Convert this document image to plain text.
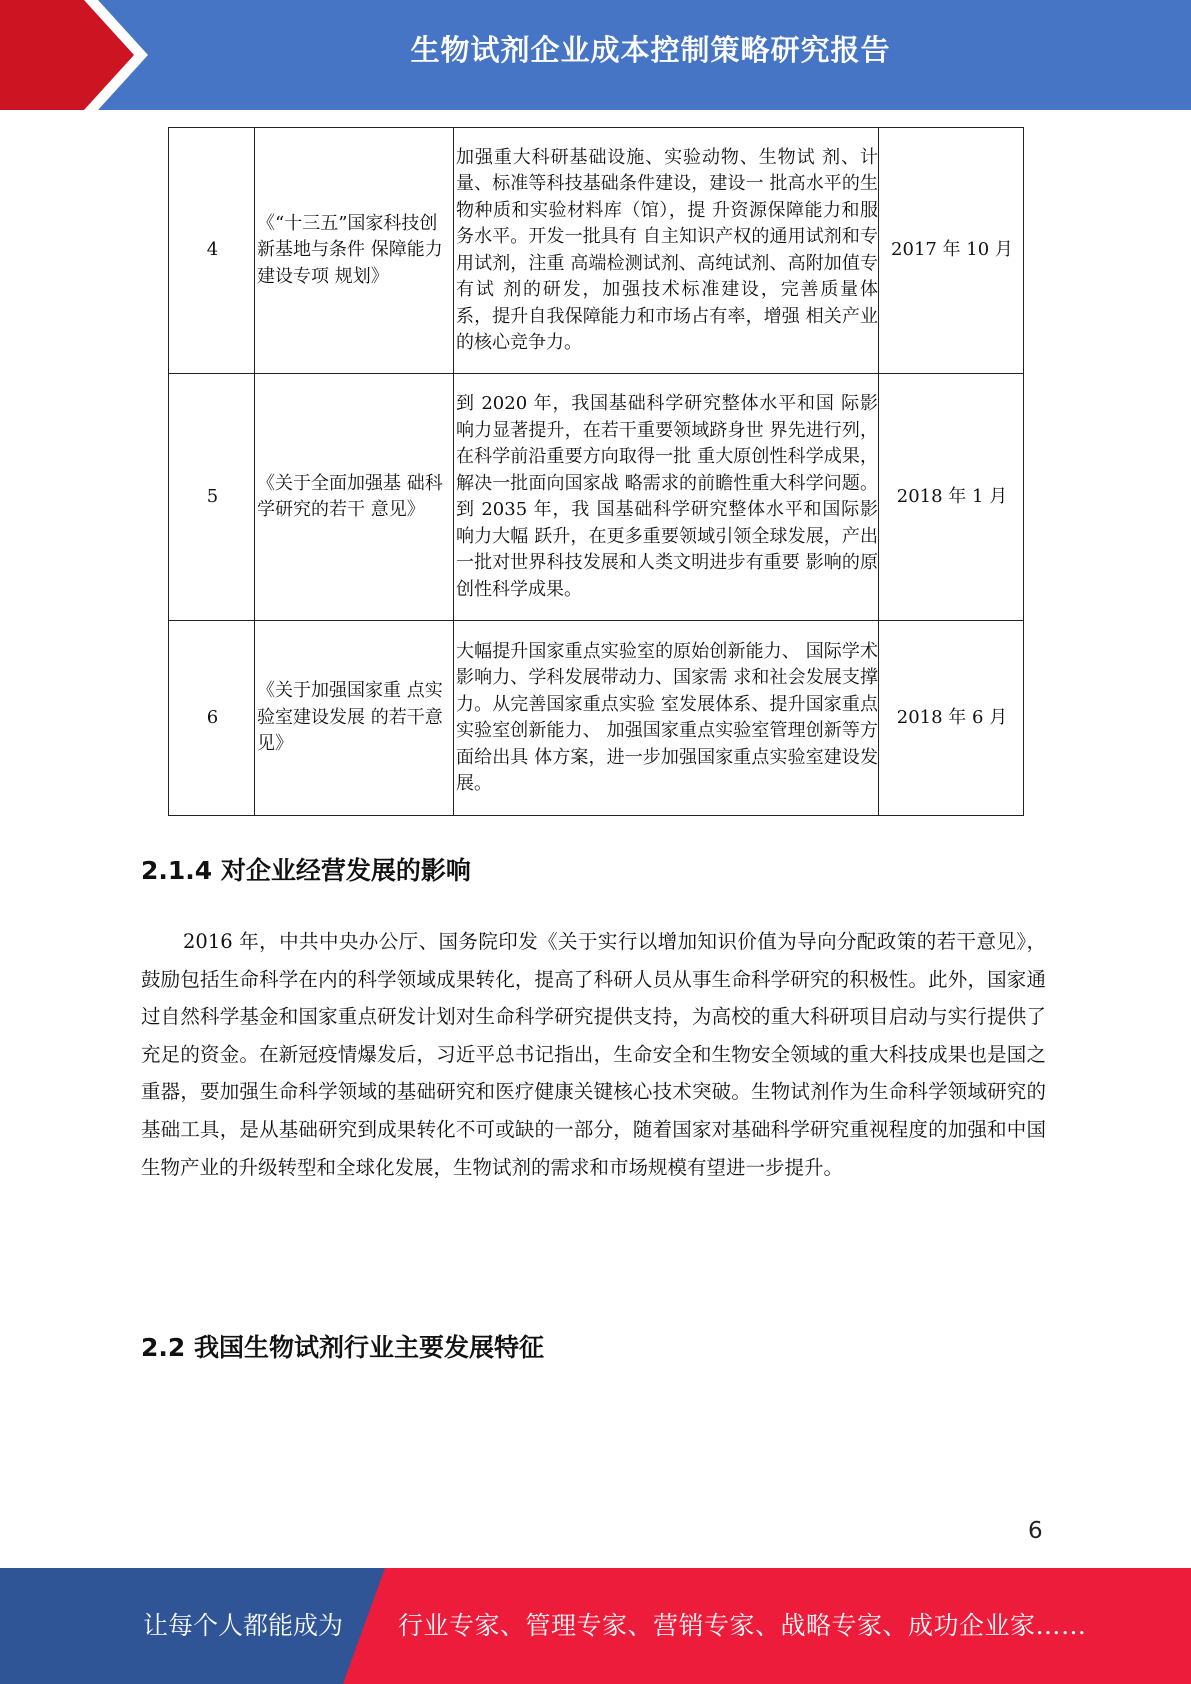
生物试剂企业成本控制策略研究报告
4	《“十三五”国家科技创新基地与条件 保障能力建设专项 规划》	加强重大科研基础设施、实验动物、生物试 剂、计量、标准等科技基础条件建设，建设一 批高水平的生物种质和实验材料库（馆），提 升资源保障能力和服务水平。开发一批具有 自主知识产权的通用试剂和专用试剂，注重 高端检测试剂、高纯试剂、高附加值专有试 剂的研发，加强技术标准建设，完善质量体 系，提升自我保障能力和市场占有率，增强 相关产业的核心竞争力。	2017 年 10 月
5	《关于全面加强基 础科学研究的若干 意见》	到 2020 年，我国基础科学研究整体水平和国 际影响力显著提升，在若干重要领域跻身世 界先进行列，在科学前沿重要方向取得一批 重大原创性科学成果，解决一批面向国家战 略需求的前瞻性重大科学问题。到 2035 年，我 国基础科学研究整体水平和国际影响力大幅 跃升，在更多重要领域引领全球发展，产出 一批对世界科技发展和人类文明进步有重要 影响的原创性科学成果。	2018 年 1 月
6	《关于加强国家重 点实验室建设发展 的若干意见》	大幅提升国家重点实验室的原始创新能力、 国际学术影响力、学科发展带动力、国家需 求和社会发展支撑力。从完善国家重点实验 室发展体系、提升国家重点实验室创新能力、 加强国家重点实验室管理创新等方面给出具 体方案，进一步加强国家重点实验室建设发 展。	2018 年 6 月
2.1.4 对企业经营发展的影响

2016 年，中共中央办公厅、国务院印发《关于实行以增加知识价值为导向分配政策的若干意见》，鼓励包括生命科学在内的科学领域成果转化，提高了科研人员从事生命科学研究的积极性。此外，国家通过自然科学基金和国家重点研发计划对生命科学研究提供支持，为高校的重大科研项目启动与实行提供了充足的资金。在新冠疫情爆发后，习近平总书记指出，生命安全和生物安全领域的重大科技成果也是国之重器，要加强生命科学领域的基础研究和医疗健康关键核心技术突破。生物试剂作为生命科学领域研究的基础工具，是从基础研究到成果转化不可或缺的一部分，随着国家对基础科学研究重视程度的加强和中国生物产业的升级转型和全球化发展，生物试剂的需求和市场规模有望进一步提升。

2.2 我国生物试剂行业主要发展特征
6
让每个人都能成为 行业专家、管理专家、营销专家、战略专家、成功企业家……
